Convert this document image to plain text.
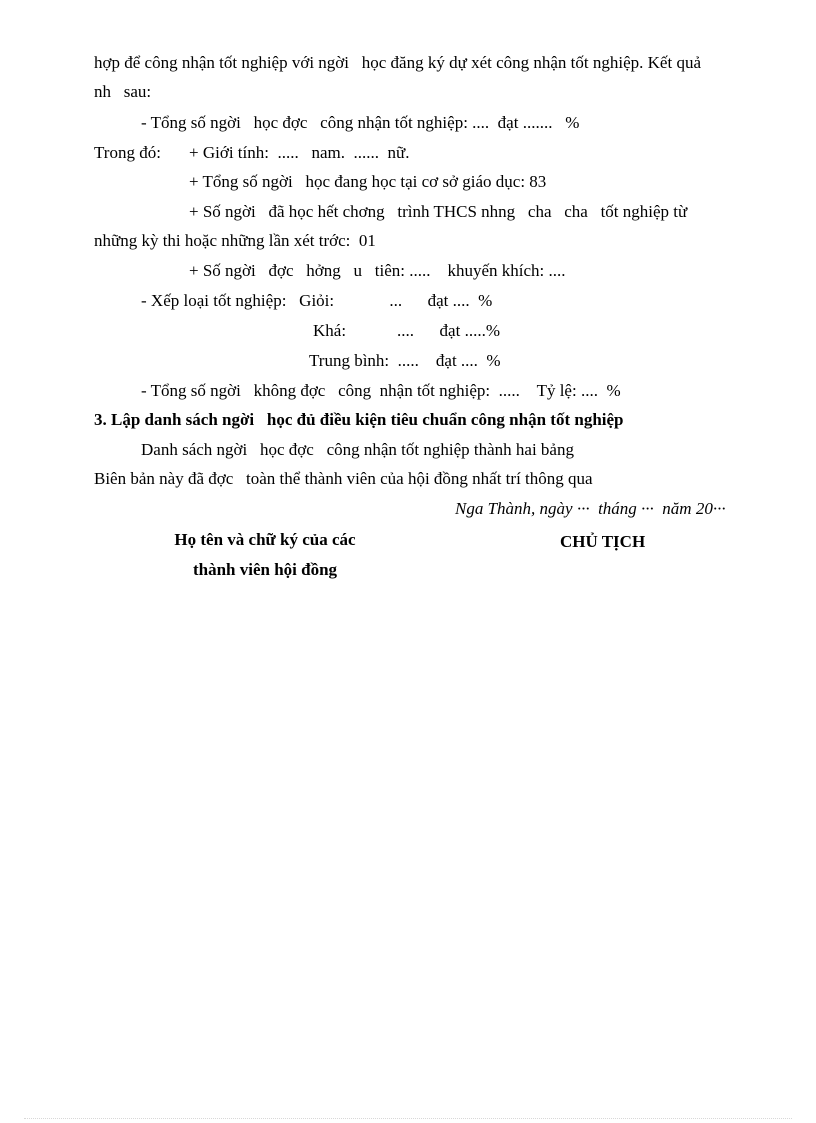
hợp để công nhận tốt nghiệp với ngời   học đăng ký dự xét công nhận tốt nghiệp. Kết quả
nh   sau:
- Tổng số ngời   học đợc   công nhận tốt nghiệp: ....  đạt .......   %
Trong đó: + Giới tính:  .....   nam.  ......  nữ.
+ Tổng số ngời   học đang học tại cơ sở giáo dục: 83
+ Số ngời   đã học hết chơng   trình THCS nhng   cha   cha   tốt nghiệp từ
những kỳ thi hoặc những lần xét trớc:  01
+ Số ngời   đợc   hởng   u   tiên: .....    khuyến khích: ....
- Xếp loại tốt nghiệp:   Giỏi:             ...      đạt ....  %
Khá:            ....      đạt .....%
Trung bình:  .....    đạt ....  %
- Tổng số ngời   không đợc   công  nhận tốt nghiệp:  .....    Tỷ lệ: ....  %
3. Lập danh sách ngời   học đủ điều kiện tiêu chuẩn công nhận tốt nghiệp
Danh sách ngời   học đợc   công nhận tốt nghiệp thành hai bảng
Biên bản này đã đợc   toàn thể thành viên của hội đồng nhất trí thông qua
Nga Thành, ngày ···  tháng ···  năm 20···
Họ tên và chữ ký của các
thành viên hội đồng
CHỦ TỊCH
